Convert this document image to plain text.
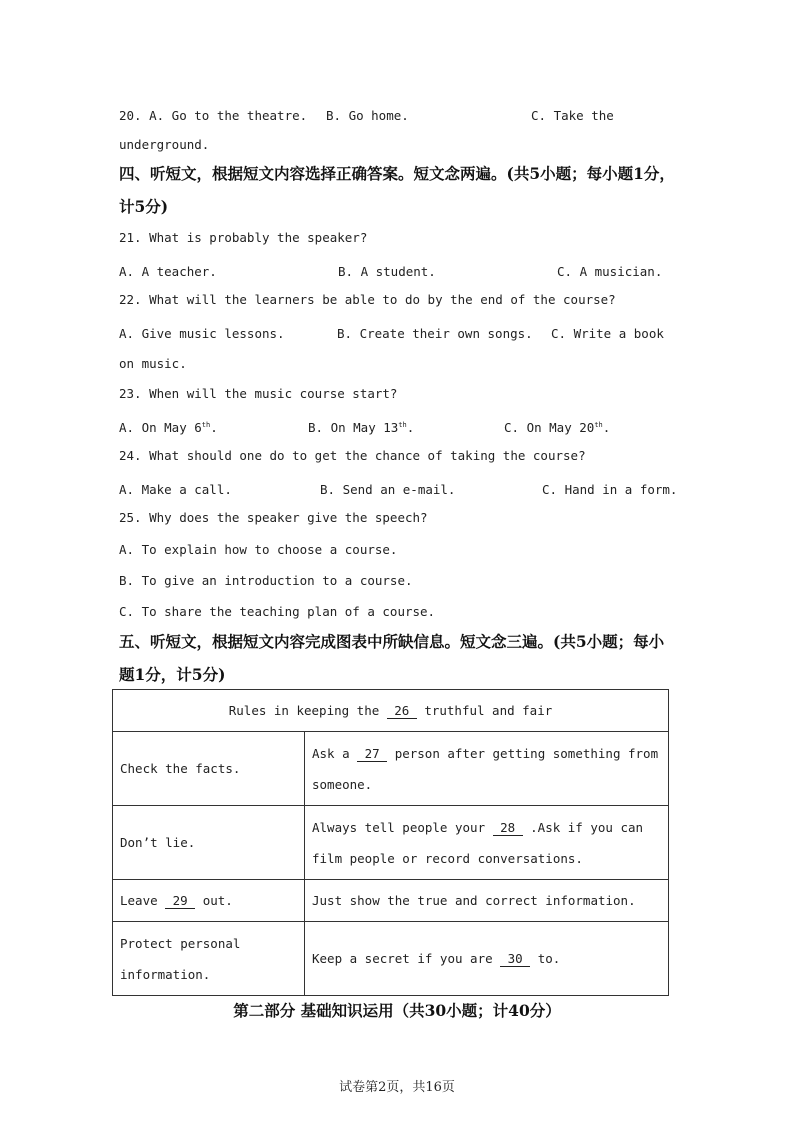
20. A. Go to the theatre. B. Go home.	C. Take the
underground.
四、听短文，根据短文内容选择正确答案。短文念两遍。(共5小题；每小题1分，计5分)
21. What is probably the speaker?
A. A teacher.	B. A student.	C. A musician.
22. What will the learners be able to do by the end of the course?
A. Give music lessons.	B. Create their own songs. C. Write a book
on music.
23. When will the music course start?
A. On May 6th.	B. On May 13th.	C. On May 20th.
24. What should one do to get the chance of taking the course?
A. Make a call.	B. Send an e-mail.	C. Hand in a form.
25. Why does the speaker give the speech?
A. To explain how to choose a course.
B. To give an introduction to a course.
C. To share the teaching plan of a course.
五、听短文，根据短文内容完成图表中所缺信息。短文念三遍。(共5小题；每小题1分，计5分)
Rules in keeping the 26 truthful and fair	
Check the facts.	Ask a 27 person after getting something from someone.
Don’t lie.	Always tell people your 28 .Ask if you can film people or record conversations.
Leave 29 out.	Just show the true and correct information.
Protect personal information.	Keep a secret if you are 30 to.
第二部分 基础知识运用（共30小题；计40分）
试卷第2页，共16页
